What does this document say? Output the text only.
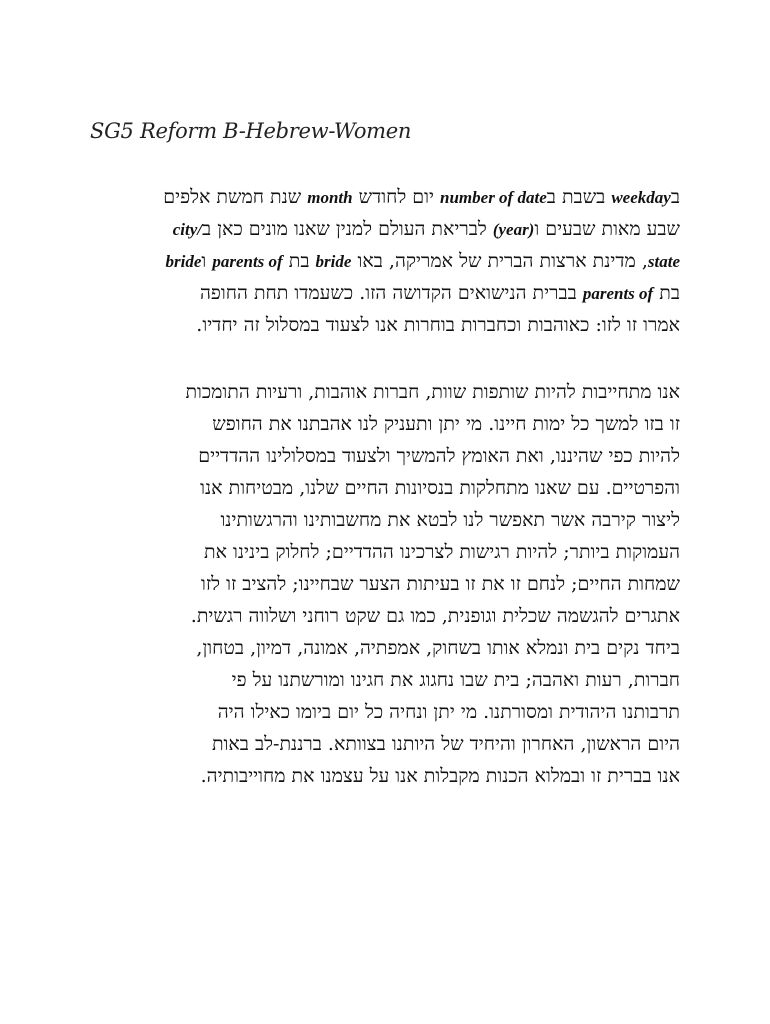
SG5 Reform B-Hebrew-Women
בweekday בשבת בnumber of date יום לחודש month שנת חמשת אלפים
שבע מאות שבעים ו(year) לבריאת העולם למנין שאנו מונים כאן בcity/
state, מדינת ארצות הברית של אמריקה, באו bride בת parents of וbride
בת parents of בברית הנישואים הקדושה הזו. כשעמדו תחת החופה
אמרו זו לזו: כאוהבות וכחברות בוחרות אנו לצעוד במסלול זה יחדיו.
אנו מתחייבות להיות שותפות שוות, חברות אוהבות, ורעיות התומכות
זו בזו למשך כל ימות חיינו. מי יתן ותעניק לנו אהבתנו את החופש
להיות כפי שהיננו, ואת האומץ להמשיך ולצעוד במסלולינו ההדדיים
והפרטיים. עם שאנו מתחלקות בנסיונות החיים שלנו, מבטיחות אנו
ליצור קירבה אשר תאפשר לנו לבטא את מחשבותינו והרגשותינו
העמוקות ביותר; להיות רגישות לצרכינו ההדדיים; לחלוק בינינו את
שמחות החיים; לנחם זו את זו בעיתות הצער שבחיינו; להציב זו לזו
אתגרים להגשמה שכלית וגופנית, כמו גם שקט רוחני ושלווה רגשית.
ביחד נקים בית ונמלא אותו בשחוק, אמפתיה, אמונה, דמיון, בטחון,
חברות, רעות ואהבה; בית שבו נחגוג את חגינו ומורשתנו על פי
תרבותנו היהודית ומסורתנו. מי יתן ונחיה כל יום ביומו כאילו היה
היום הראשון, האחרון והיחיד של היותנו בצוותא. ברננת-לב באות
אנו בברית זו ובמלוא הכנות מקבלות אנו על עצמנו את מחוייבותיה.
